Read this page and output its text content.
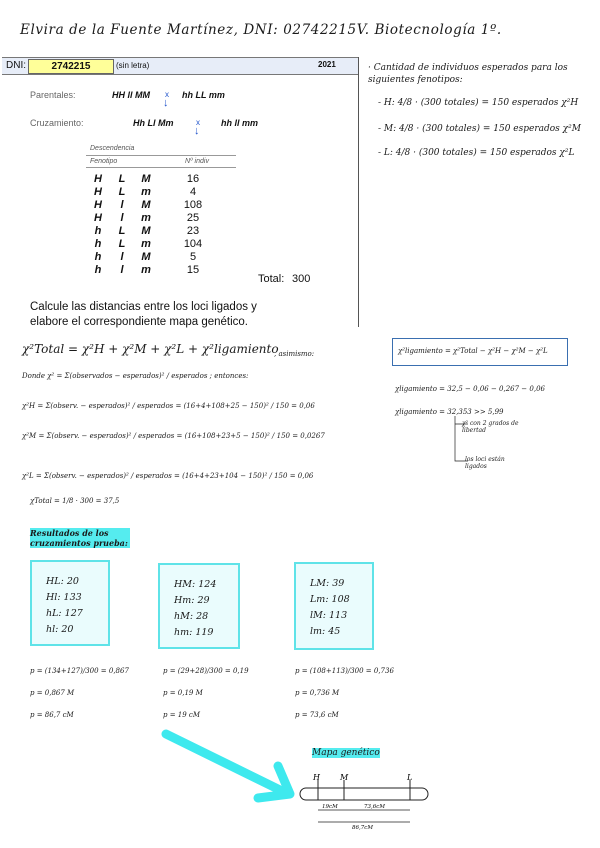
Elvira de la Fuente Martínez, DNI: 02742215V. Biotecnología 1º.
DNI:	2742215	(sin letra)	2021
Parentales:	HH ll MM x
↓
hh LL mm
Cruzamiento:	Hh Ll Mm	x
↓
hh ll mm
Descendencia
Fenotipo	Nº indiv
H	L	M	16
H	L	m	4
H	l	M	108
H	l	m	25
h	L	M	23
h	L	m	104
h	l	M	5
h	l	m	15
Total: 300
Calcule las distancias entre los loci ligados y elabore el correspondiente mapa genético.
· Cantidad de individuos esperados para los siguientes fenotipos:
- H: 4/8 · (300 totales) = 150 esperados χ²H
- M: 4/8 · (300 totales) = 150 esperados χ²M
- L: 4/8 · (300 totales) = 150 esperados χ²L
χ²Total = χ²H + χ²M + χ²L + χ²ligamiento
, asimismo:	χ²ligamiento = χ²Total − χ²H − χ²M − χ²L
Donde χ² = Σ(observados − esperados)² / esperados ; entonces:
χ²H = Σ(observ. − esperados)² / esperados = (16+4+108+25 − 150)² / 150 = 0,06
χ²M = Σ(observ. − esperados)² / esperados = (16+108+23+5 − 150)² / 150 = 0,0267
χ²L = Σ(observ. − esperados)² / esperados = (16+4+23+104 − 150)² / 150 = 0,06
χTotal = 1/8 · 300 = 37,5
χligamiento = 32,5 − 0,06 − 0,267 − 0,06
χligamiento = 32,353 >> 5,99
χ² con 2 grados de libertad
los loci están ligados
Resultados de los cruzamientos prueba:
HL: 20
Hl: 133
hL: 127
hl: 20
HM: 124
Hm: 29
hM: 28
hm: 119
LM: 39
Lm: 108
lM: 113
lm: 45
p = (134+127)/300 = 0,867
p = 0,867 M
p = 86,7 cM
p = (29+28)/300 = 0,19
p = 0,19 M
p = 19 cM
p = (108+113)/300 = 0,736
p = 0,736 M
p = 73,6 cM
Mapa genético
H	M	L
19cM	73,6cM
86,7cM
